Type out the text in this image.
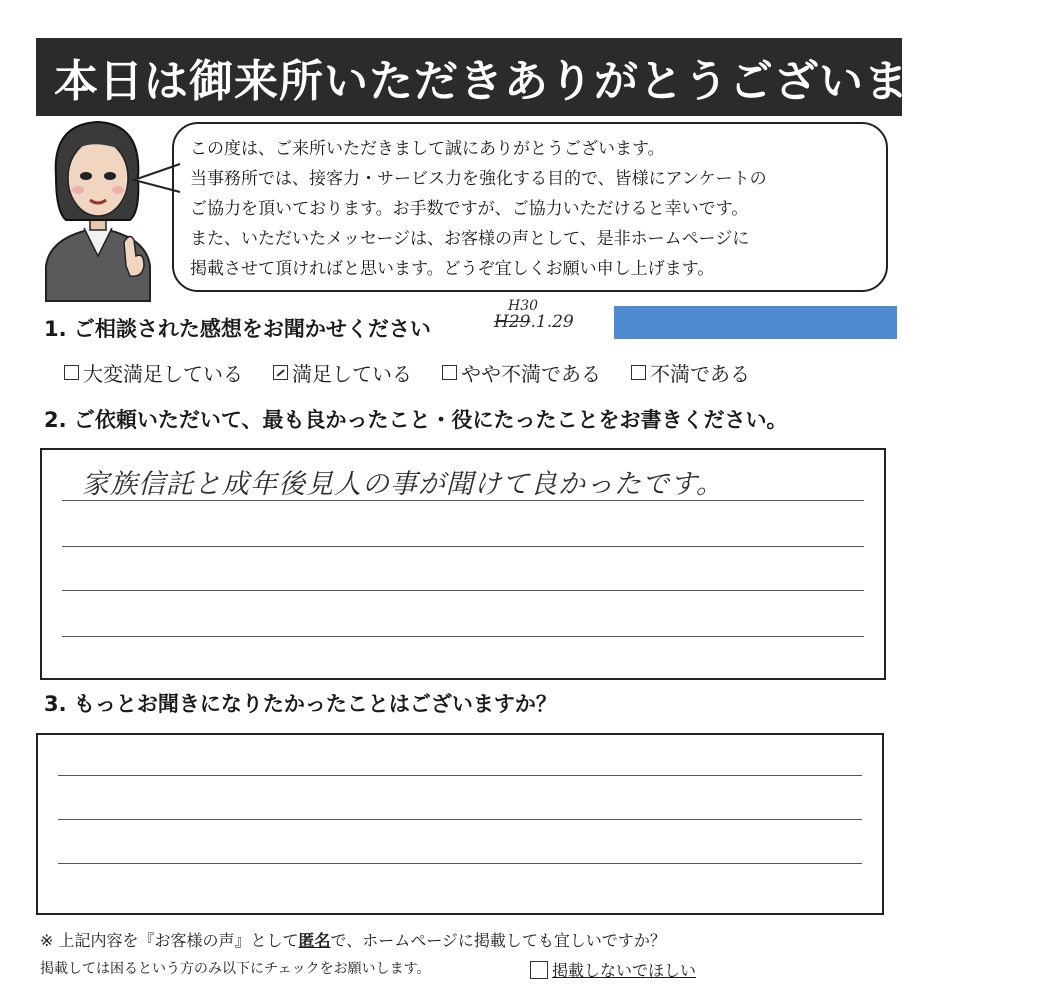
本日は御来所いただきありがとうございました。
この度は、ご来所いただきまして誠にありがとうございます。
当事務所では、接客力・サービス力を強化する目的で、皆様にアンケートの
ご協力を頂いております。お手数ですが、ご協力いただけると幸いです。
また、いただいたメッセージは、お客様の声として、是非ホームページに
掲載させて頂ければと思います。どうぞ宜しくお願い申し上げます。
1. ご相談された感想をお聞かせください
H30
H29.1.29
大変満足している 満足している やや不満である 不満である
2. ご依頼いただいて、最も良かったこと・役にたったことをお書きください。
家族信託と成年後見人の事が聞けて良かったです。
3. もっとお聞きになりたかったことはございますか？
※ 上記内容を『お客様の声』として匿名で、ホームページに掲載しても宜しいですか？
掲載しては困るという方のみ以下にチェックをお願いします。	掲載しないでほしい
